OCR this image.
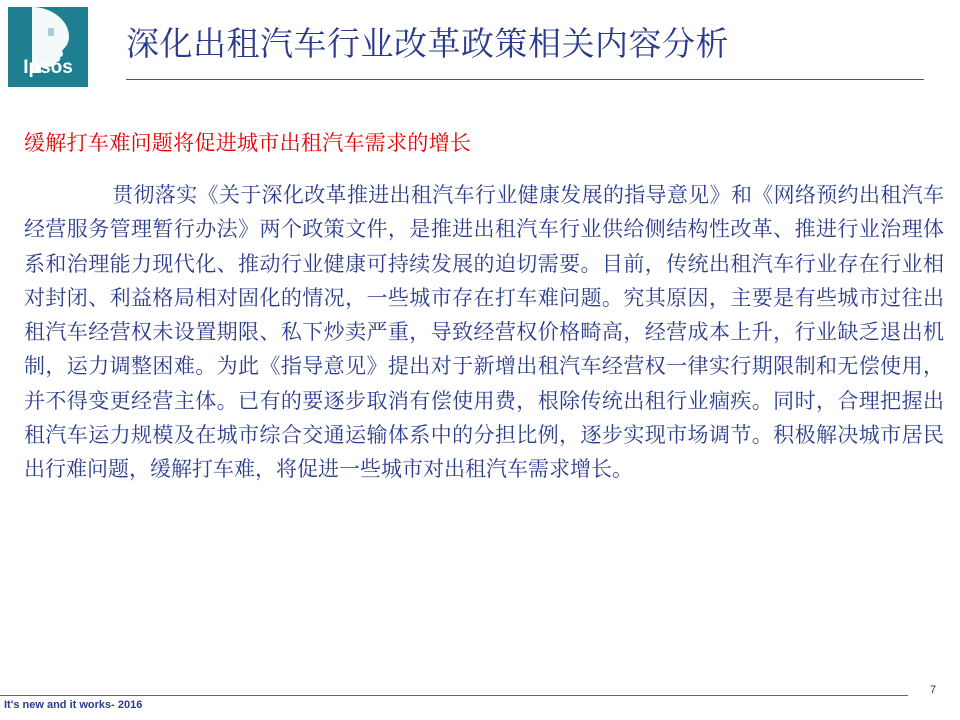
Ipsos
深化出租汽车行业改革政策相关内容分析
缓解打车难问题将促进城市出租汽车需求的增长

贯彻落实《关于深化改革推进出租汽车行业健康发展的指导意见》和《网络预约出租汽车经营服务管理暂行办法》两个政策文件，是推进出租汽车行业供给侧结构性改革、推进行业治理体系和治理能力现代化、推动行业健康可持续发展的迫切需要。目前，传统出租汽车行业存在行业相对封闭、利益格局相对固化的情况，一些城市存在打车难问题。究其原因，主要是有些城市过往出租汽车经营权未设置期限、私下炒卖严重，导致经营权价格畸高，经营成本上升，行业缺乏退出机制，运力调整困难。为此《指导意见》提出对于新增出租汽车经营权一律实行期限制和无偿使用，并不得变更经营主体。已有的要逐步取消有偿使用费，根除传统出租行业痼疾。同时，合理把握出租汽车运力规模及在城市综合交通运输体系中的分担比例，逐步实现市场调节。积极解决城市居民出行难问题，缓解打车难，将促进一些城市对出租汽车需求增长。

It's new and it works- 2016
7
